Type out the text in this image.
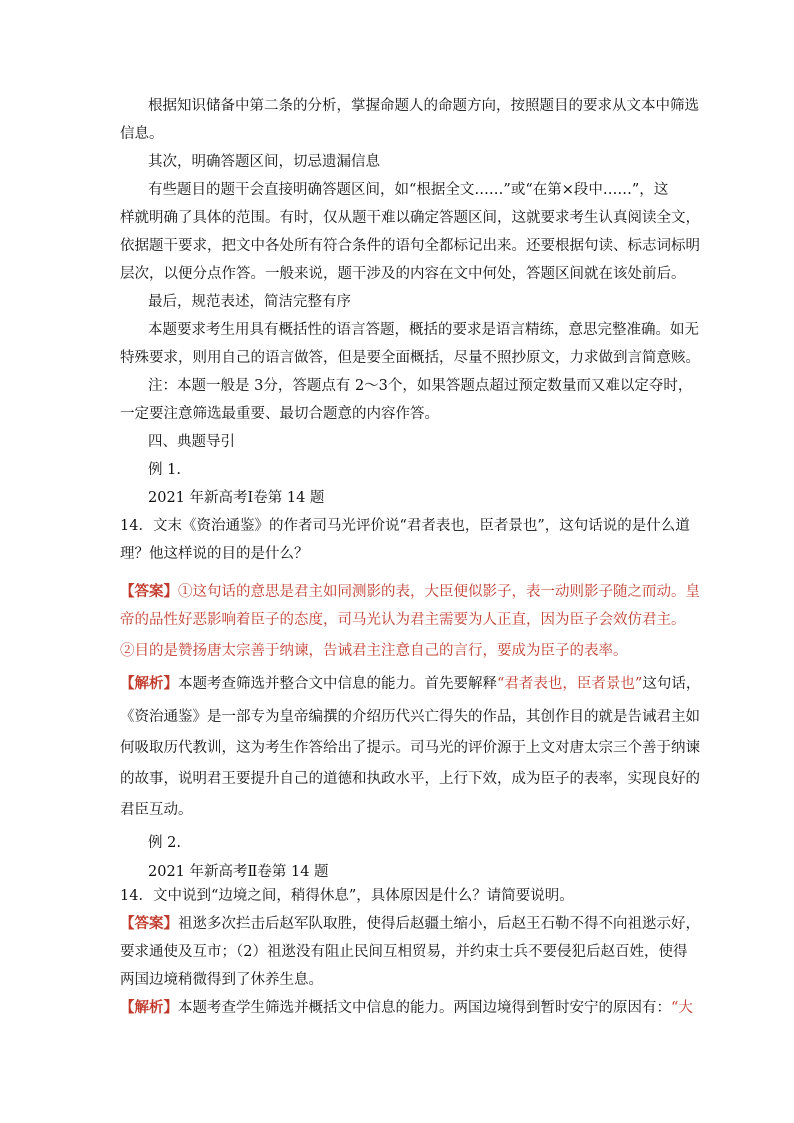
根据知识储备中第二条的分析，掌握命题人的命题方向，按照题目的要求从文本中筛选
信息。
其次，明确答题区间，切忌遗漏信息
有些题目的题干会直接明确答题区间，如“根据全文……”或“在第×段中……”，这
样就明确了具体的范围。有时，仅从题干难以确定答题区间，这就要求考生认真阅读全文，
依据题干要求，把文中各处所有符合条件的语句全都标记出来。还要根据句读、标志词标明
层次，以便分点作答。一般来说，题干涉及的内容在文中何处，答题区间就在该处前后。
最后，规范表述，简洁完整有序
本题要求考生用具有概括性的语言答题，概括的要求是语言精练，意思完整准确。如无
特殊要求，则用自己的语言做答，但是要全面概括，尽量不照抄原文，力求做到言简意赅。
注：本题一般是 3分，答题点有 2～3个，如果答题点超过预定数量而又难以定夺时，
一定要注意筛选最重要、最切合题意的内容作答。
四、典题导引
例 1.
2021 年新高考Ⅰ卷第 14 题
14．文末《资治通鉴》的作者司马光评价说“君者表也，臣者景也”，这句话说的是什么道
理？他这样说的目的是什么？
【答案】①这句话的意思是君主如同测影的表，大臣便似影子，表一动则影子随之而动。皇
帝的品性好恶影响着臣子的态度，司马光认为君主需要为人正直，因为臣子会效仿君主。
②目的是赞扬唐太宗善于纳谏，告诫君主注意自己的言行，要成为臣子的表率。
【解析】本题考查筛选并整合文中信息的能力。首先要解释“君者表也，臣者景也”这句话，
《资治通鉴》是一部专为皇帝编撰的介绍历代兴亡得失的作品，其创作目的就是告诫君主如
何吸取历代教训，这为考生作答给出了提示。司马光的评价源于上文对唐太宗三个善于纳谏
的故事，说明君王要提升自己的道德和执政水平，上行下效，成为臣子的表率，实现良好的
君臣互动。
例 2.
2021 年新高考Ⅱ卷第 14 题
14．文中说到“边境之间，稍得休息”，具体原因是什么？请简要说明。
【答案】祖逖多次拦击后赵军队取胜，使得后赵疆土缩小，后赵王石勒不得不向祖逖示好，
要求通使及互市；（2）祖逖没有阻止民间互相贸易，并约束士兵不要侵犯后赵百姓，使得
两国边境稍微得到了休养生息。
【解析】本题考查学生筛选并概括文中信息的能力。两国边境得到暂时安宁的原因有：“大
